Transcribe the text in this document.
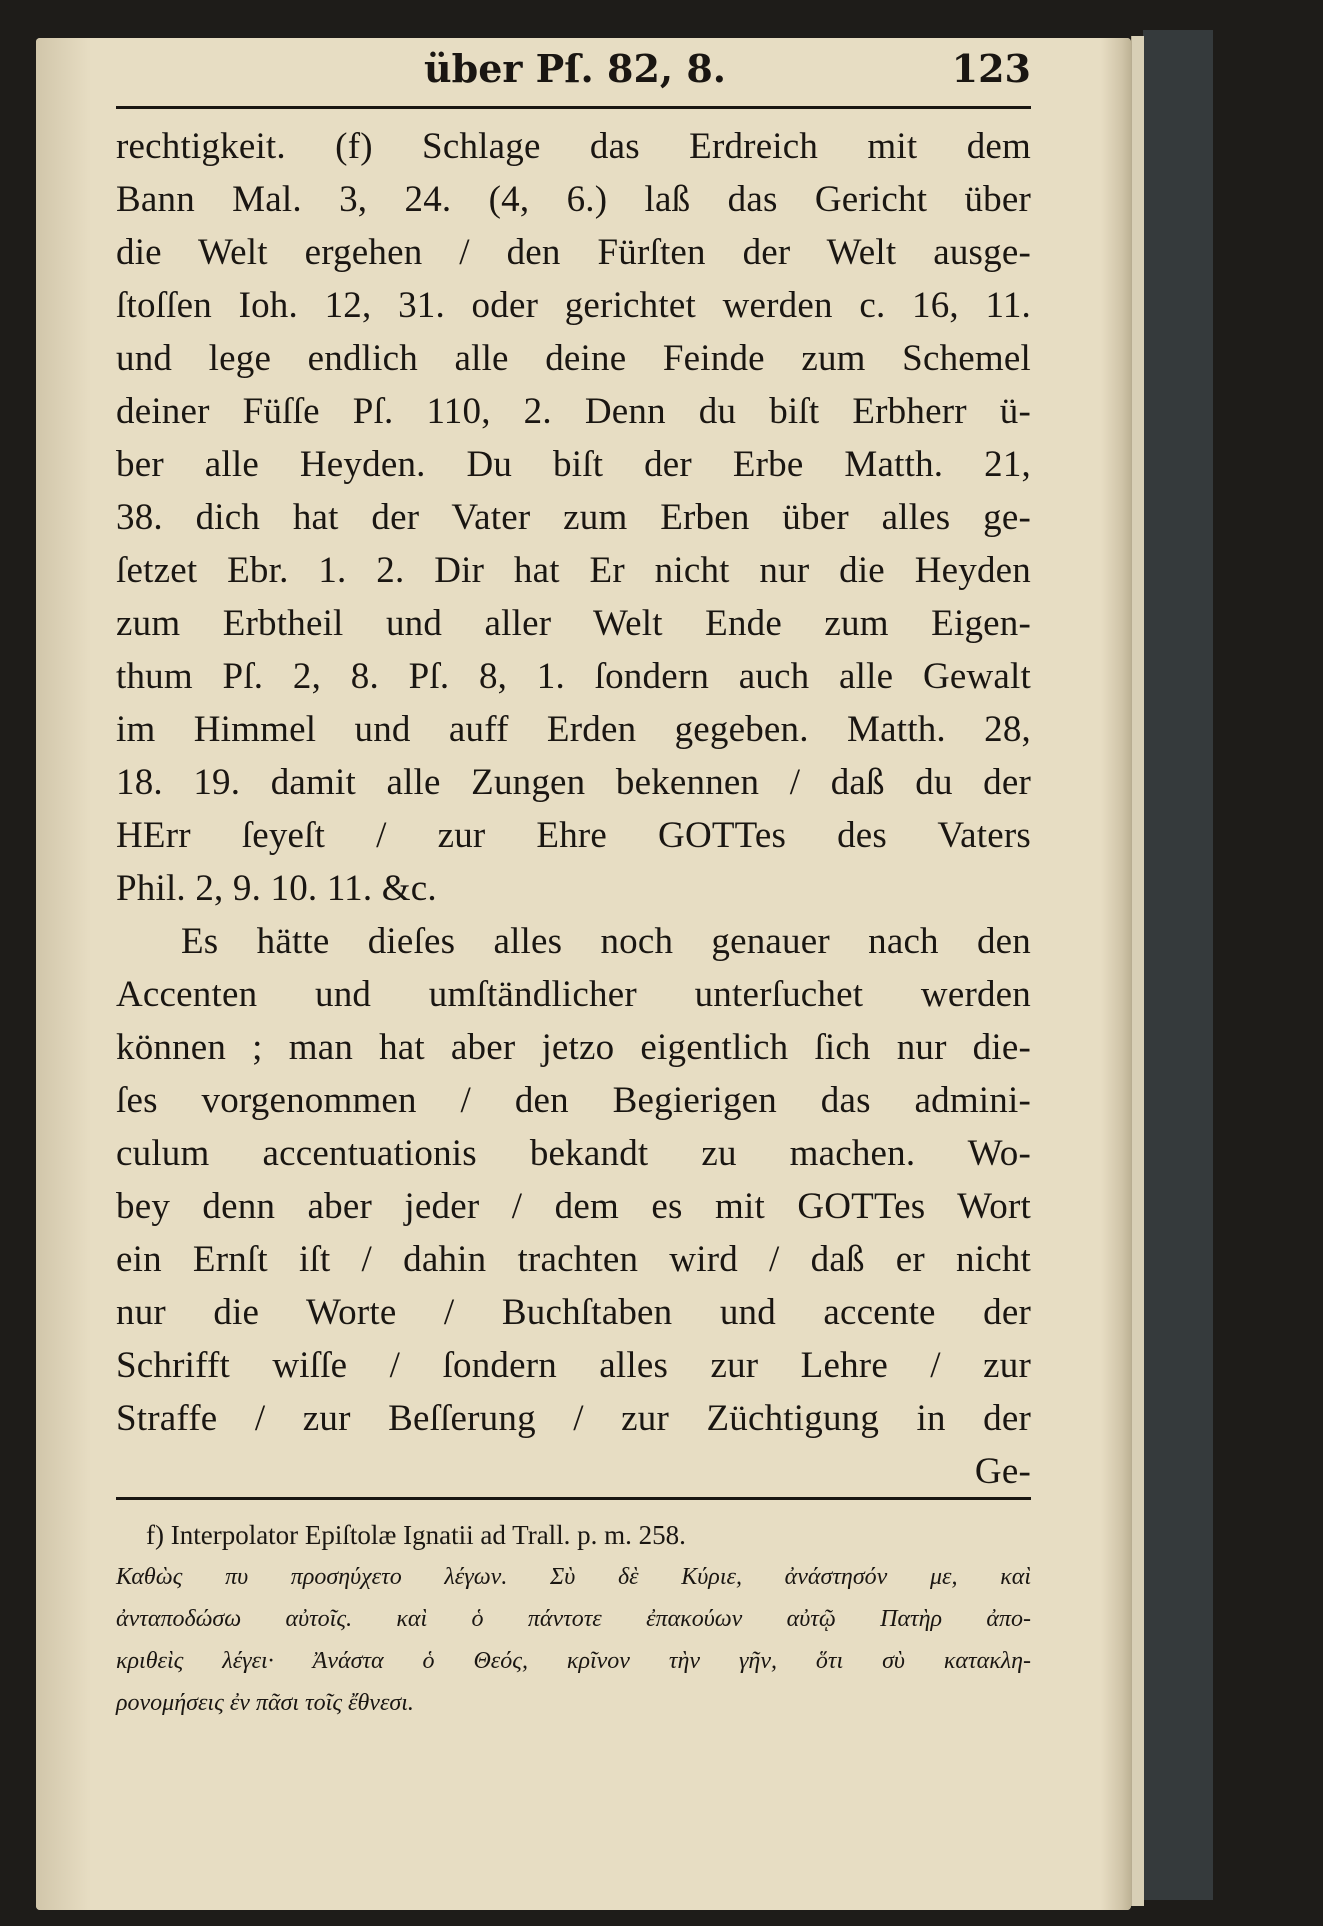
über Pſ. 82, 8.	123
rechtigkeit. (f) Schlage das Erdreich mit dem
Bann Mal. 3, 24. (4, 6.) laß das Gericht über
die Welt ergehen / den Fürſten der Welt ausge-
ſtoſſen Ioh. 12, 31. oder gerichtet werden c. 16, 11.
und lege endlich alle deine Feinde zum Schemel
deiner Füſſe Pſ. 110, 2. Denn du biſt Erbherr ü-
ber alle Heyden. Du biſt der Erbe Matth. 21,
38. dich hat der Vater zum Erben über alles ge-
ſetzet Ebr. 1. 2. Dir hat Er nicht nur die Heyden
zum Erbtheil und aller Welt Ende zum Eigen-
thum Pſ. 2, 8. Pſ. 8, 1. ſondern auch alle Gewalt
im Himmel und auff Erden gegeben. Matth. 28,
18. 19. damit alle Zungen bekennen / daß du der
HErr ſeyeſt / zur Ehre GOTTes des Vaters
Phil. 2, 9. 10. 11. &c.
Es hätte dieſes alles noch genauer nach den
Accenten und umſtändlicher unterſuchet werden
können ; man hat aber jetzo eigentlich ſich nur die-
ſes vorgenommen / den Begierigen das admini-
culum accentuationis bekandt zu machen. Wo-
bey denn aber jeder / dem es mit GOTTes Wort
ein Ernſt iſt / dahin trachten wird / daß er nicht
nur die Worte / Buchſtaben und accente der
Schrifft wiſſe / ſondern alles zur Lehre / zur
Straffe / zur Beſſerung / zur Züchtigung in der
Ge-
f) Interpolator Epiſtolæ Ignatii ad Trall. p. m. 258.
Καθὼς πυ προσηύχετο λέγων. Σὺ δὲ Κύριε, ἀνάστησόν με, καὶ
ἀνταποδώσω αὐτοῖς. καὶ ὁ πάντοτε ἐπακούων αὐτῷ Πατὴρ ἀπο-
κριθεὶς λέγει· Ἀνάστα ὁ Θεός, κρῖνον τὴν γῆν, ὅτι σὺ κατακλη-
ρονομήσεις ἐν πᾶσι τοῖς ἔθνεσι.
